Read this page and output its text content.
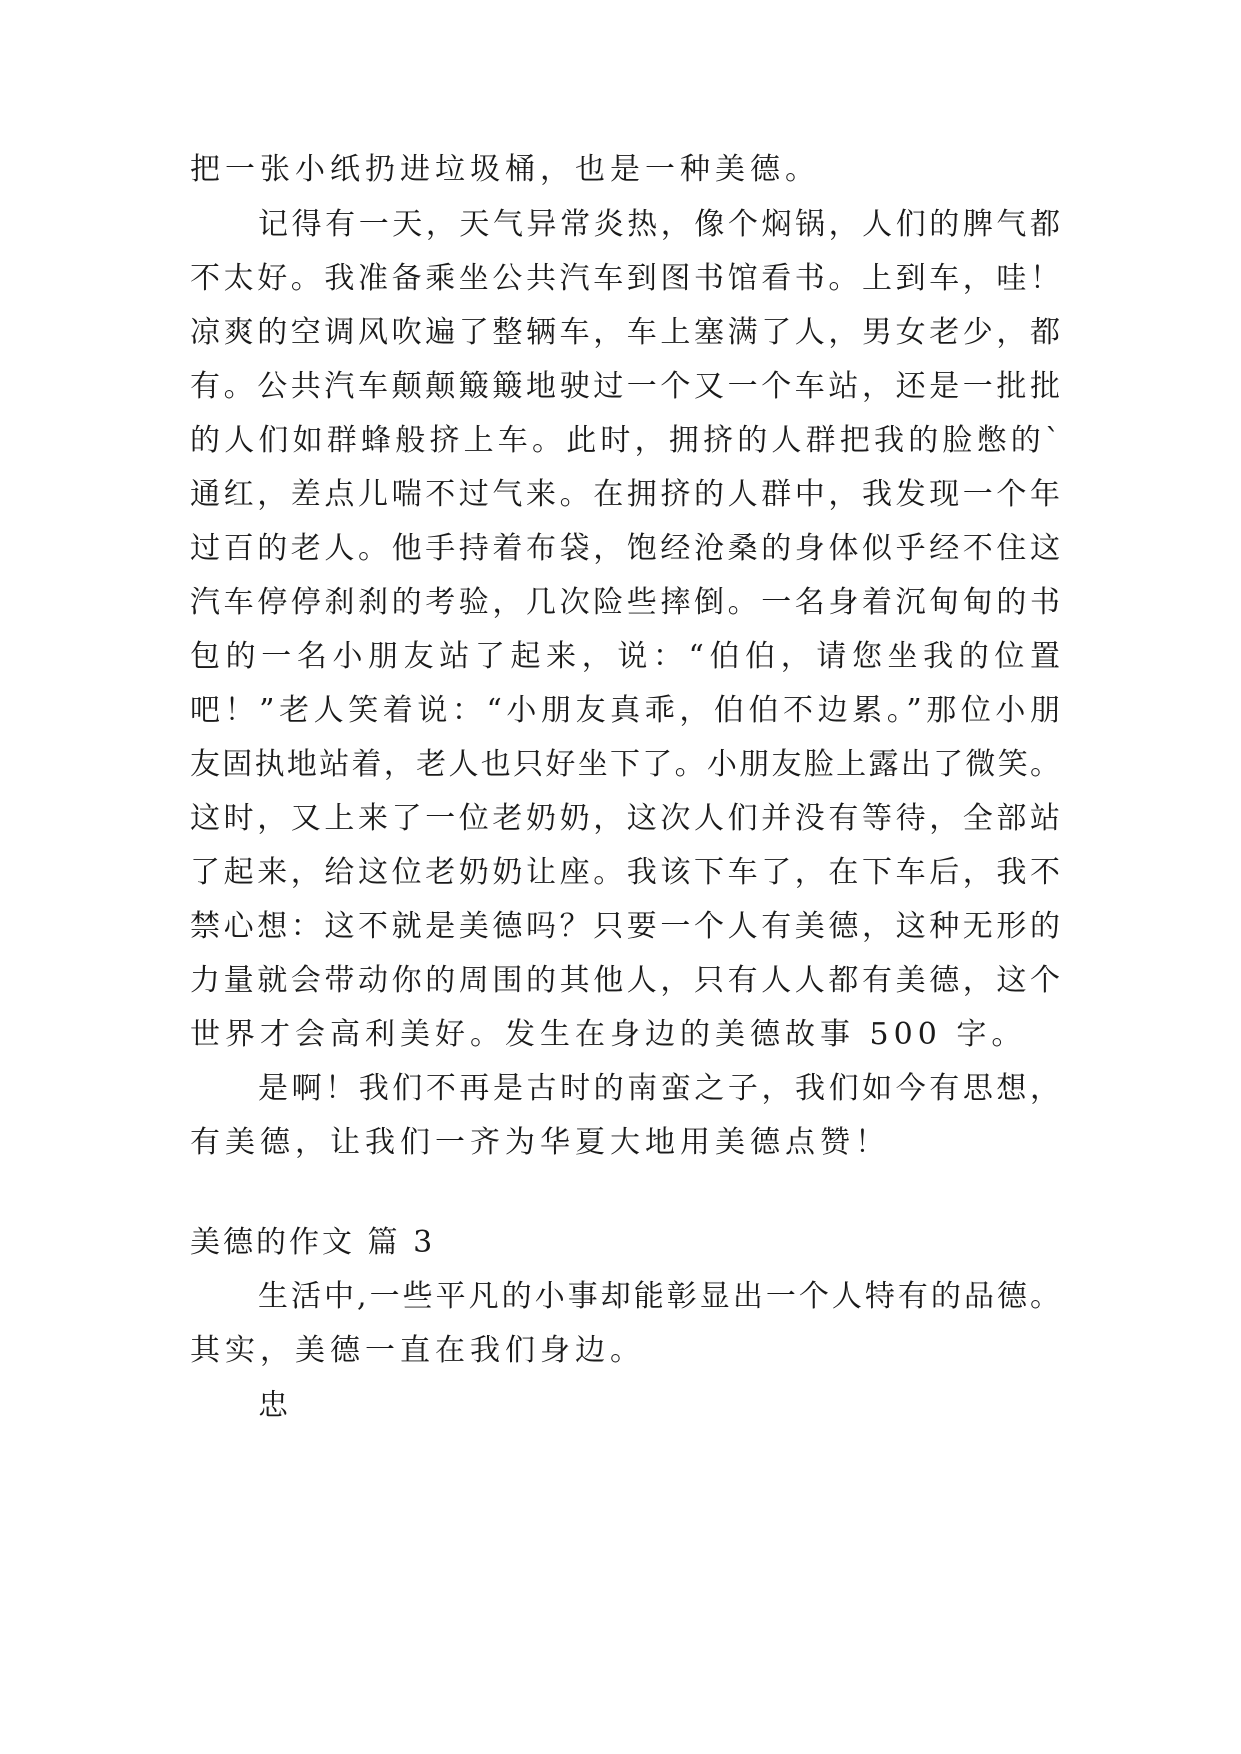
把一张小纸扔进垃圾桶，也是一种美德。
记得有一天，天气异常炎热，像个焖锅，人们的脾气都
不太好。我准备乘坐公共汽车到图书馆看书。上到车，哇！
凉爽的空调风吹遍了整辆车，车上塞满了人，男女老少，都
有。公共汽车颠颠簸簸地驶过一个又一个车站，还是一批批
的人们如群蜂般挤上车。此时，拥挤的人群把我的脸憋的`
通红，差点儿喘不过气来。在拥挤的人群中，我发现一个年
过百的老人。他手持着布袋，饱经沧桑的身体似乎经不住这
汽车停停刹刹的考验，几次险些摔倒。一名身着沉甸甸的书
包的一名小朋友站了起来，说：“伯伯，请您坐我的位置
吧！”老人笑着说：“小朋友真乖，伯伯不边累。”那位小朋
友固执地站着，老人也只好坐下了。小朋友脸上露出了微笑。
这时，又上来了一位老奶奶，这次人们并没有等待，全部站
了起来，给这位老奶奶让座。我该下车了，在下车后，我不
禁心想：这不就是美德吗？只要一个人有美德，这种无形的
力量就会带动你的周围的其他人，只有人人都有美德，这个
世界才会高利美好。发生在身边的美德故事 500 字。
是啊！我们不再是古时的南蛮之子，我们如今有思想，
有美德，让我们一齐为华夏大地用美德点赞！
美德的作文 篇 3
生活中,一些平凡的小事却能彰显出一个人特有的品德。
其实，美德一直在我们身边。
忠
